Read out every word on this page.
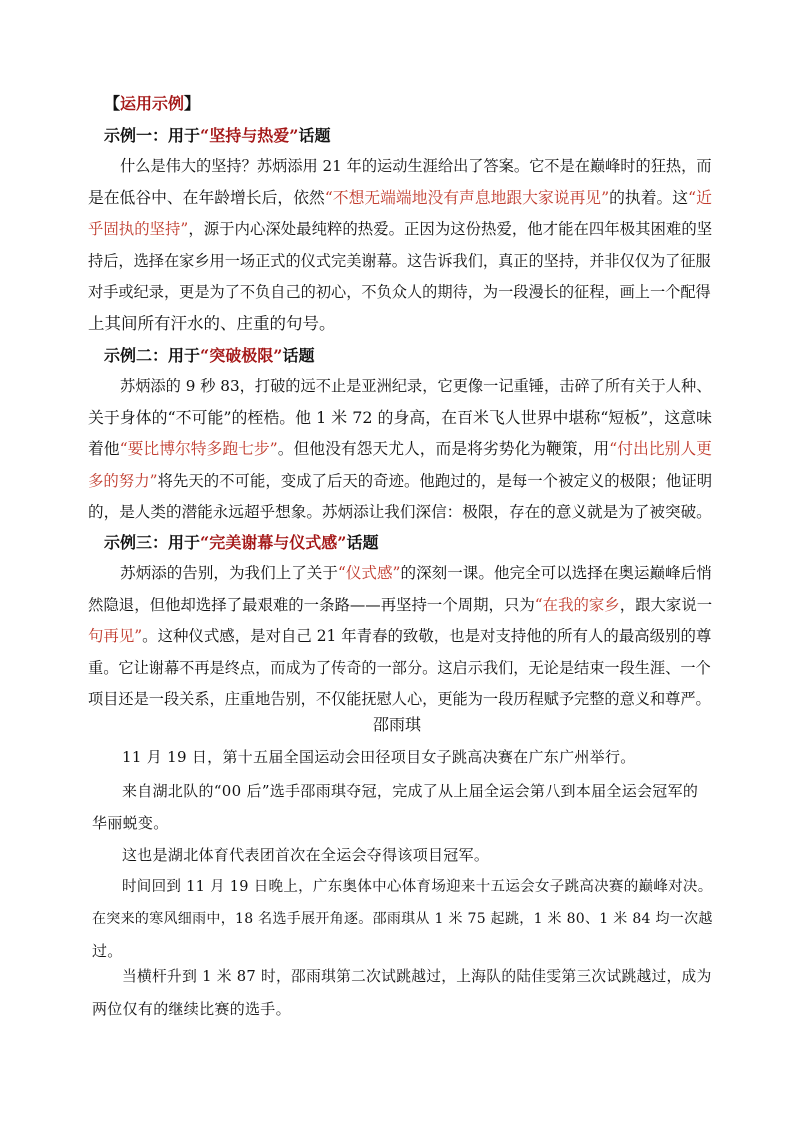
【运用示例】
示例一：用于“坚持与热爱”话题
什么是伟大的坚持？苏炳添用 21 年的运动生涯给出了答案。它不是在巅峰时的狂热，而
是在低谷中、在年龄增长后，依然“不想无端端地没有声息地跟大家说再见”的执着。这“近
乎固执的坚持”，源于内心深处最纯粹的热爱。正因为这份热爱，他才能在四年极其困难的坚
持后，选择在家乡用一场正式的仪式完美谢幕。这告诉我们，真正的坚持，并非仅仅为了征服
对手或纪录，更是为了不负自己的初心，不负众人的期待，为一段漫长的征程，画上一个配得
上其间所有汗水的、庄重的句号。
示例二：用于“突破极限”话题
苏炳添的 9 秒 83，打破的远不止是亚洲纪录，它更像一记重锤，击碎了所有关于人种、
关于身体的“不可能”的桎梏。他 1 米 72 的身高，在百米飞人世界中堪称“短板”，这意味
着他“要比博尔特多跑七步”。但他没有怨天尤人，而是将劣势化为鞭策，用“付出比别人更
多的努力”将先天的不可能，变成了后天的奇迹。他跑过的，是每一个被定义的极限；他证明
的，是人类的潜能永远超乎想象。苏炳添让我们深信：极限，存在的意义就是为了被突破。
示例三：用于“完美谢幕与仪式感”话题
苏炳添的告别，为我们上了关于“仪式感”的深刻一课。他完全可以选择在奥运巅峰后悄
然隐退，但他却选择了最艰难的一条路——再坚持一个周期，只为“在我的家乡，跟大家说一
句再见”。这种仪式感，是对自己 21 年青春的致敬，也是对支持他的所有人的最高级别的尊
重。它让谢幕不再是终点，而成为了传奇的一部分。这启示我们，无论是结束一段生涯、一个
项目还是一段关系，庄重地告别，不仅能抚慰人心，更能为一段历程赋予完整的意义和尊严。
邵雨琪
11 月 19 日，第十五届全国运动会田径项目女子跳高决赛在广东广州举行。
来自湖北队的“00 后”选手邵雨琪夺冠，完成了从上届全运会第八到本届全运会冠军的
华丽蜕变。
这也是湖北体育代表团首次在全运会夺得该项目冠军。
时间回到 11 月 19 日晚上，广东奥体中心体育场迎来十五运会女子跳高决赛的巅峰对决。
在突来的寒风细雨中，18 名选手展开角逐。邵雨琪从 1 米 75 起跳，1 米 80、1 米 84 均一次越
过。
当横杆升到 1 米 87 时，邵雨琪第二次试跳越过，上海队的陆佳雯第三次试跳越过，成为
两位仅有的继续比赛的选手。
